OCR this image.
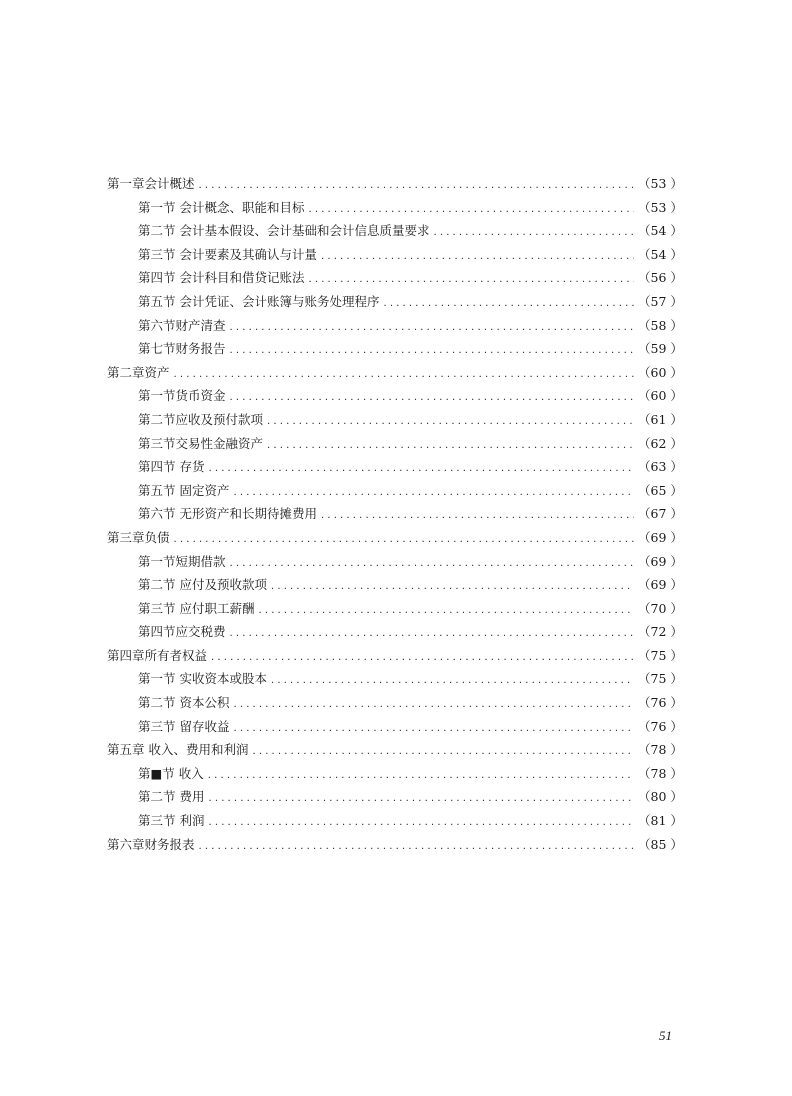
第一章会计概述 . . .	（53 ）
第一节 会计概念、职能和目标 . . .	（53 ）
第二节 会计基本假设、会计基础和会计信息质量要求 . . .	（54 ）
第三节 会计要素及其确认与计量 . . .	（54 ）
第四节 会计科目和借贷记账法 . . .	（56 ）
第五节 会计凭证、会计账簿与账务处理程序 . . .	（57 ）
第六节财产清查 . . .	（58 ）
第七节财务报告 . . .	（59 ）
第二章资产 . . .	（60 ）
第一节货币资金 . . .	（60 ）
第二节应收及预付款项 . . .	（61 ）
第三节交易性金融资产 . . .	（62 ）
第四节 存货 . . .	（63 ）
第五节 固定资产 . . .	（65 ）
第六节 无形资产和长期待摊费用 . . .	（67 ）
第三章负债 . . .	（69 ）
第一节短期借款 . . .	（69 ）
第二节 应付及预收款项 . . .	（69 ）
第三节 应付职工薪酬 . . .	（70 ）
第四节应交税费 . . .	（72 ）
第四章所有者权益 . . .	（75 ）
第一节 实收资本或股本 . . .	（75 ）
第二节 资本公积 . . .	（76 ）
第三节 留存收益 . . .	（76 ）
第五章 收入、费用和利润 . . .	（78 ）
第■节 收入 . . .	（78 ）
第二节 费用 . . .	（80 ）
第三节 利润 . . .	（81 ）
第六章财务报表 . . .	（85 ）
51
